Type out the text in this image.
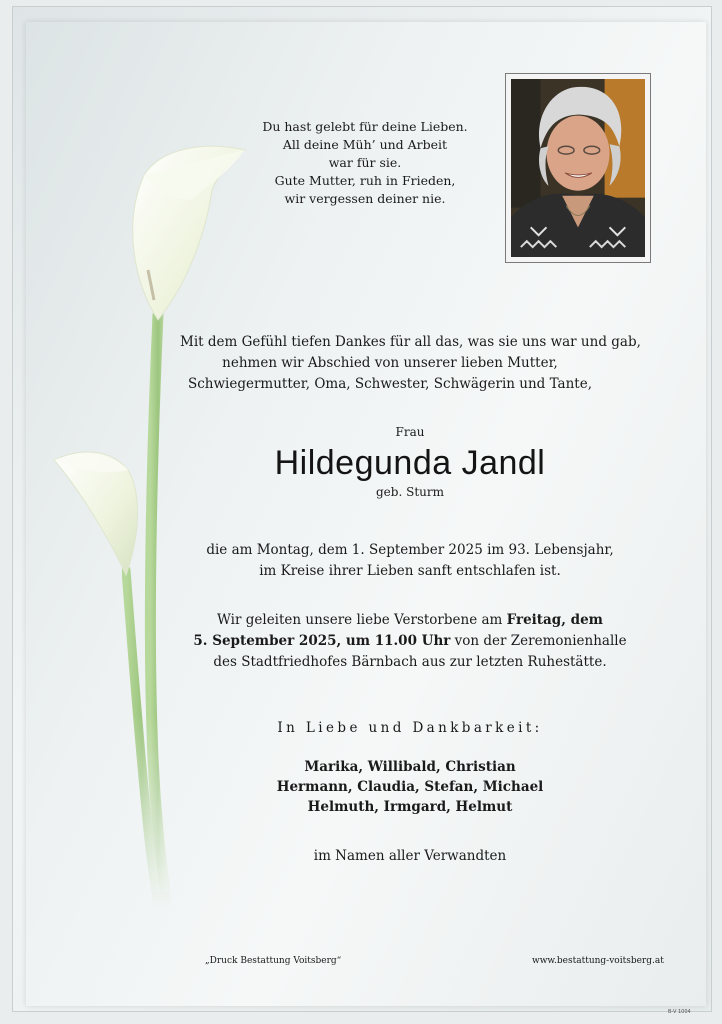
Du hast gelebt für deine Lieben.
All deine Müh’ und Arbeit
war für sie.
Gute Mutter, ruh in Frieden,
wir vergessen deiner nie.
Mit dem Gefühl tiefen Dankes für all das, was sie uns war und gab,
nehmen wir Abschied von unserer lieben Mutter,
Schwiegermutter, Oma, Schwester, Schwägerin und Tante,
Frau
Hildegunda Jandl
geb. Sturm
die am Montag, dem 1. September 2025 im 93. Lebensjahr,
im Kreise ihrer Lieben sanft entschlafen ist.
Wir geleiten unsere liebe Verstorbene am Freitag, dem
5. September 2025, um 11.00 Uhr von der Zeremonienhalle
des Stadtfriedhofes Bärnbach aus zur letzten Ruhestätte.
In Liebe und Dankbarkeit:
Marika, Willibald, Christian
Hermann, Claudia, Stefan, Michael
Helmuth, Irmgard, Helmut
im Namen aller Verwandten
„Druck Bestattung Voitsberg“	www.bestattung-voitsberg.at
B-V 1004
